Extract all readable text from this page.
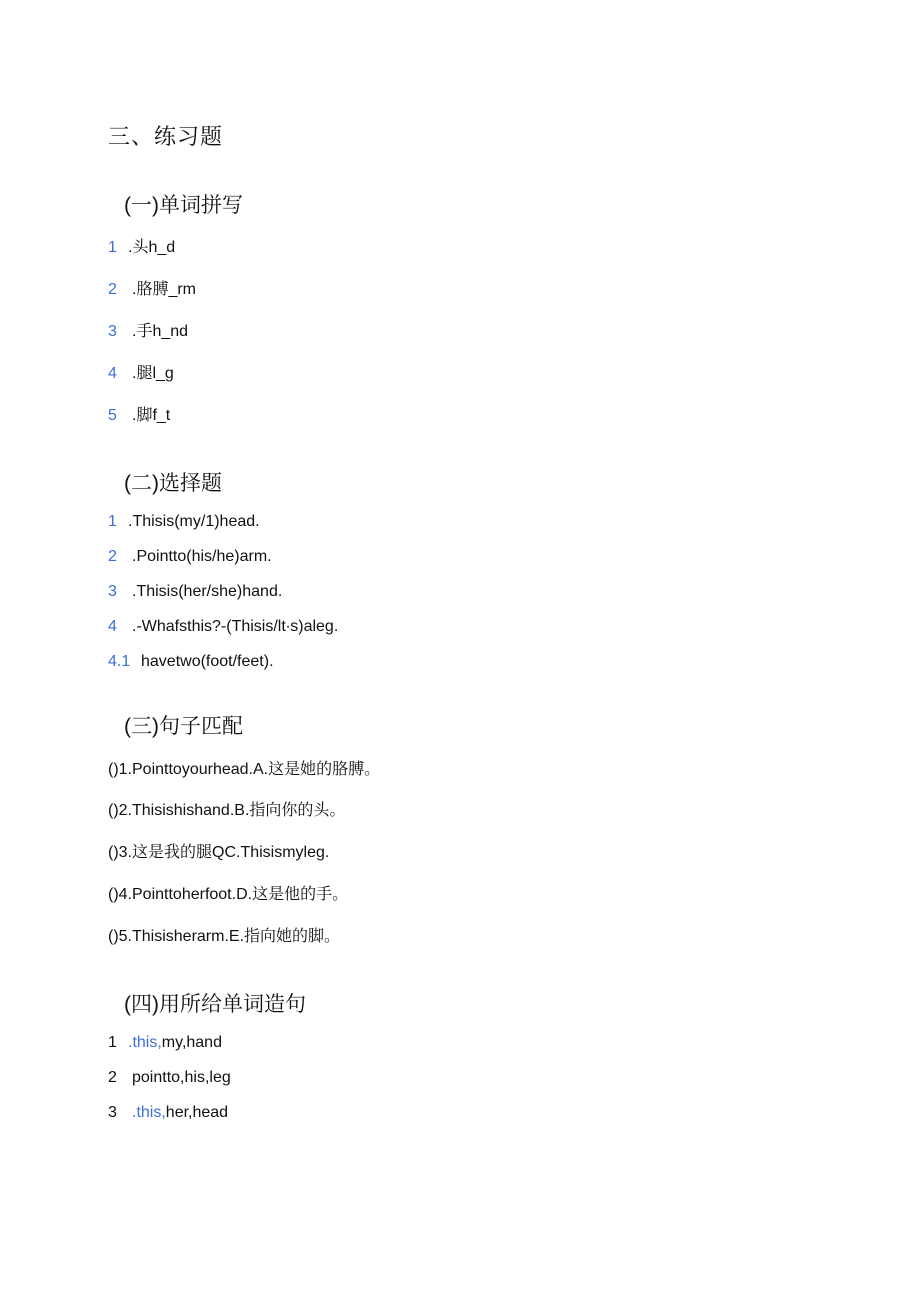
三、练习题
(一)单词拼写
1 .头h_d
2 .胳膊_rm
3 .手h_nd
4 .腿l_g
5 .脚f_t
(二)选择题
1 .Thisis(my/1)head.
2 .Pointto(his/he)arm.
3 .Thisis(her/she)hand.
4 .-Whafsthis?-(Thisis/lt∙s)aleg.
4.1 havetwo(foot/feet).
(三)句子匹配
()1.Pointtoyourhead.A.这是她的胳膊。
()2.Thisishishand.B.指向你的头。
()3.这是我的腿QC.Thisismyleg.
()4.Pointtoherfoot.D.这是他的手。
()5.Thisisherarm.E.指向她的脚。
(四)用所给单词造句
1 .this,my,hand
2 pointto,his,leg
3 .this,her,head
